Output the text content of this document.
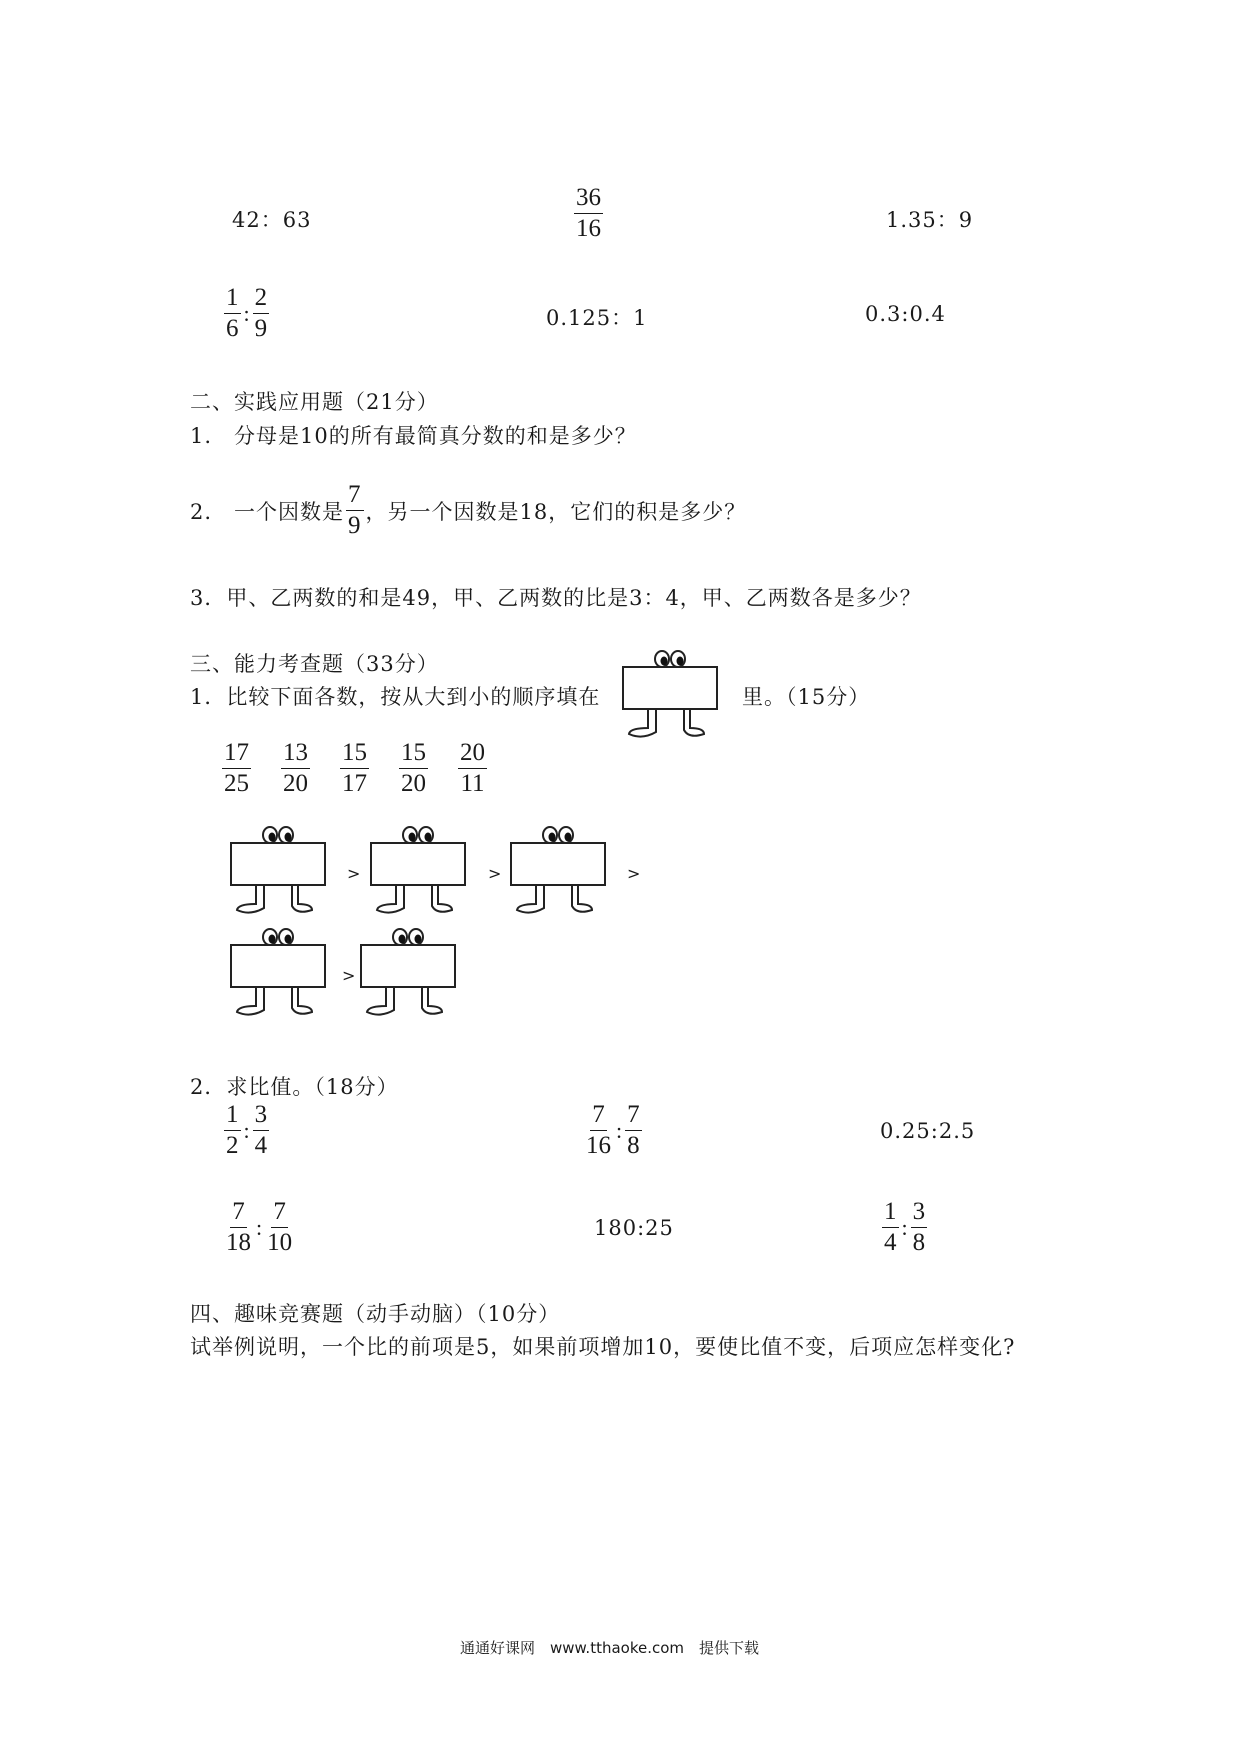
42：63	$\frac{36}{16}$	1.35：9
$\frac{1}{6}$ : $\frac{2}{9}$	0.125：1	0.3:0.4
二、实践应用题（21分）
1.　分母是10的所有最简真分数的和是多少？
2.　一个因数是 $\frac{7}{9}$ ，另一个因数是18，它们的积是多少？
3．甲、乙两数的和是49，甲、乙两数的比是3：4，甲、乙两数各是多少？
三、能力考查题（33分）
1．比较下面各数，按从大到小的顺序填在	里。（15分）
$\frac{17}{25} \frac{13}{20} \frac{15}{17} \frac{15}{20} \frac{20}{11}$
>	>	>
>
2．求比值。（18分）
$\frac{1}{2}$ : $\frac{3}{4}$	$\frac{7}{16}$ : $\frac{7}{8}$	0.25:2.5
$\frac{7}{18}$ : $\frac{7}{10}$	180:25	$\frac{1}{4}$ : $\frac{3}{8}$
四、趣味竞赛题（动手动脑）（10分）
试举例说明，一个比的前项是5，如果前项增加10，要使比值不变，后项应怎样变化?
通通好课网　www.tthaoke.com　提供下载
